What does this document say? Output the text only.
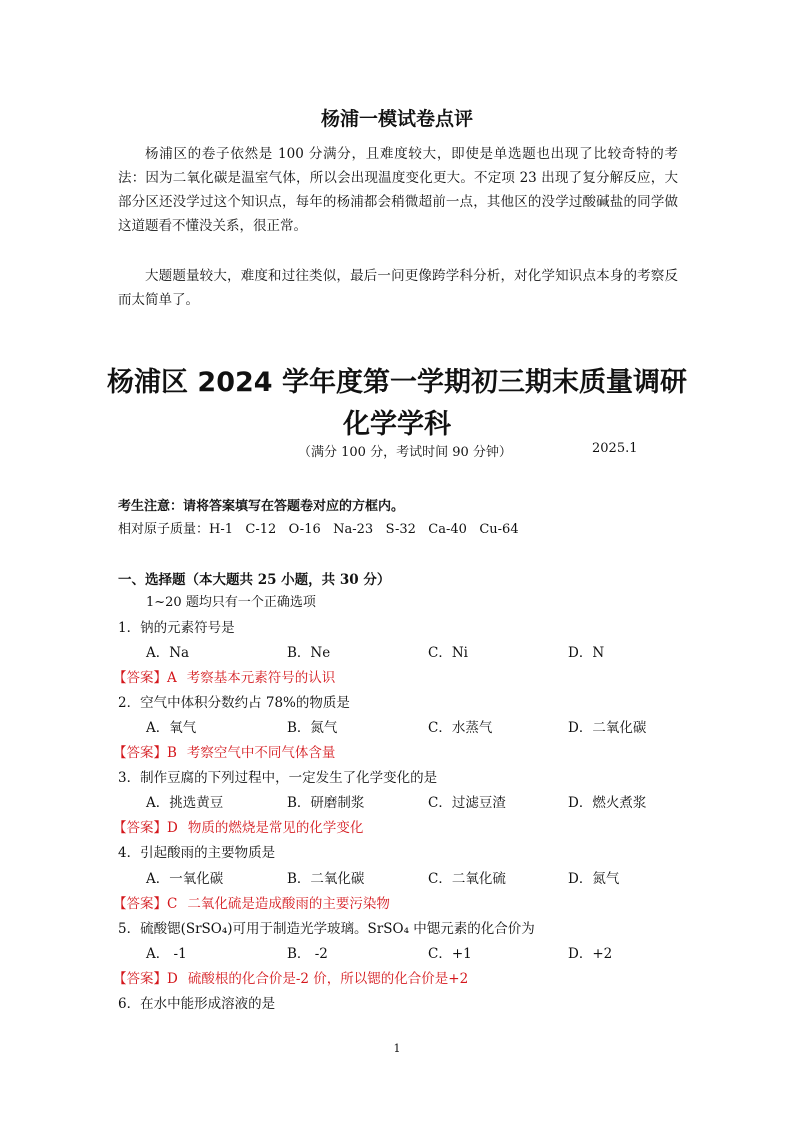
杨浦一模试卷点评

杨浦区的卷子依然是 100 分满分，且难度较大，即使是单选题也出现了比较奇特的考法：因为二氧化碳是温室气体，所以会出现温度变化更大。不定项 23 出现了复分解反应，大部分区还没学过这个知识点，每年的杨浦都会稍微超前一点，其他区的没学过酸碱盐的同学做这道题看不懂没关系，很正常。

大题题量较大，难度和过往类似，最后一问更像跨学科分析，对化学知识点本身的考察反而太简单了。

杨浦区 2024 学年度第一学期初三期末质量调研
化学学科
（满分 100 分，考试时间 90 分钟）	2025.1
考生注意：请将答案填写在答题卷对应的方框内。
相对原子质量：H-1   C-12   O-16   Na-23   S-32   Ca-40   Cu-64
一、选择题（本大题共 25 小题，共 30 分）
1~20 题均只有一个正确选项
1．钠的元素符号是
A．Na	B．Ne	C．Ni	D．N
【答案】A 考察基本元素符号的认识
2．空气中体积分数约占 78%的物质是
A．氧气	B．氮气	C．水蒸气	D．二氧化碳
【答案】B 考察空气中不同气体含量
3．制作豆腐的下列过程中，一定发生了化学变化的是
A．挑选黄豆	B．研磨制浆	C．过滤豆渣	D．燃火煮浆
【答案】D 物质的燃烧是常见的化学变化
4．引起酸雨的主要物质是
A．一氧化碳	B．二氧化碳	C．二氧化硫	D．氮气
【答案】C 二氧化硫是造成酸雨的主要污染物
5．硫酸锶(SrSO₄)可用于制造光学玻璃。SrSO₄ 中锶元素的化合价为
A． -1	B． -2	C．+1	D．+2
【答案】D 硫酸根的化合价是-2 价，所以锶的化合价是+2
6．在水中能形成溶液的是
1
